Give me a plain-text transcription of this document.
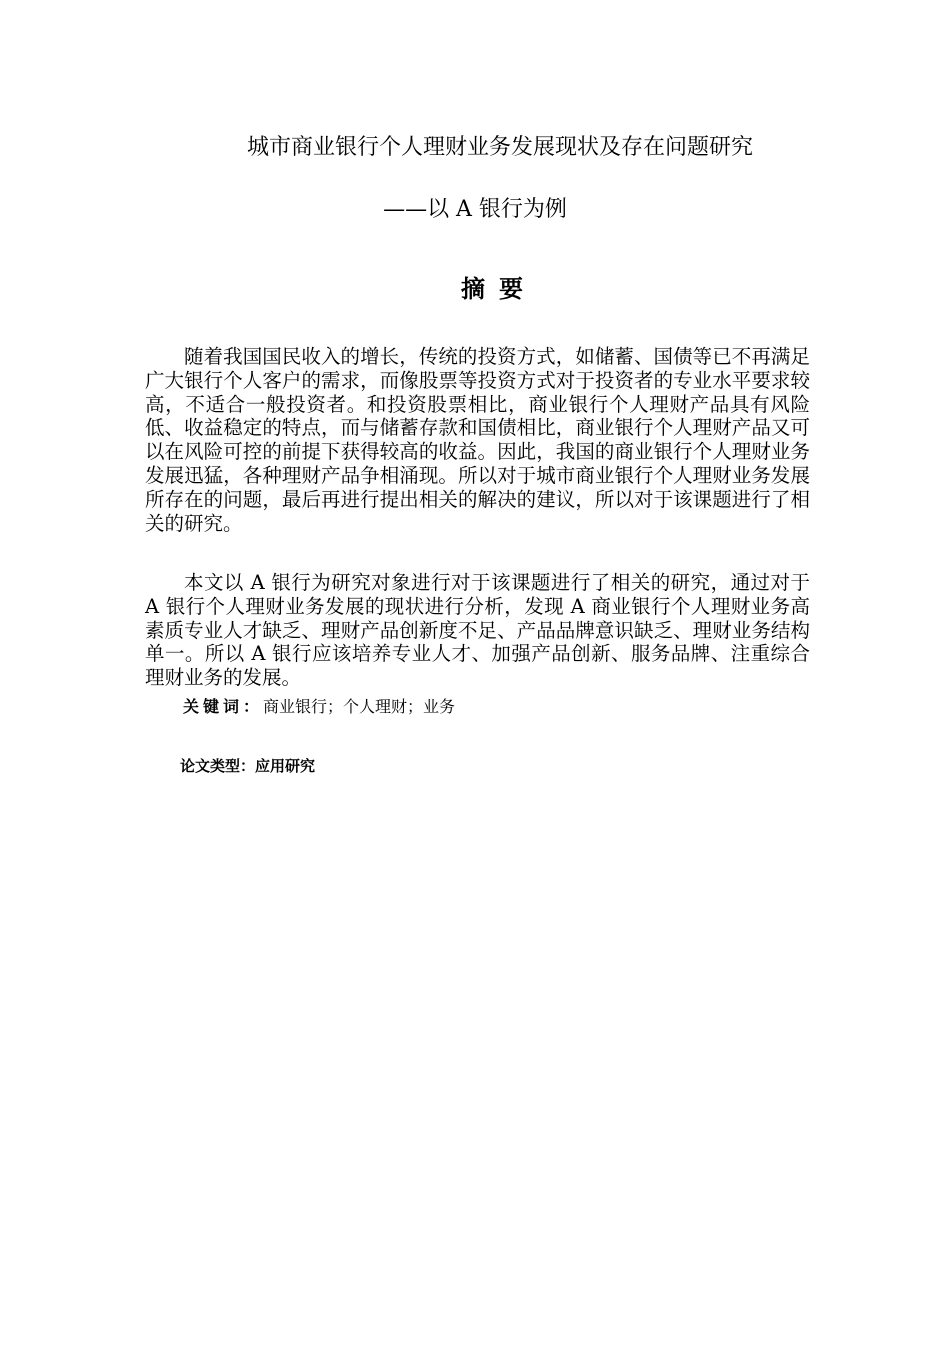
城市商业银行个人理财业务发展现状及存在问题研究
——以 A 银行为例
摘要

随着我国国民收入的增长，传统的投资方式，如储蓄、国债等已不再满足广大银行个人客户的需求，而像股票等投资方式对于投资者的专业水平要求较高，不适合一般投资者。和投资股票相比，商业银行个人理财产品具有风险低、收益稳定的特点，而与储蓄存款和国债相比，商业银行个人理财产品又可以在风险可控的前提下获得较高的收益。因此，我国的商业银行个人理财业务发展迅猛，各种理财产品争相涌现。所以对于城市商业银行个人理财业务发展所存在的问题，最后再进行提出相关的解决的建议，所以对于该课题进行了相关的研究。

本文以 A 银行为研究对象进行对于该课题进行了相关的研究，通过对于 A 银行个人理财业务发展的现状进行分析，发现 A 商业银行个人理财业务高素质专业人才缺乏、理财产品创新度不足、产品品牌意识缺乏、理财业务结构单一。所以 A 银行应该培养专业人才、加强产品创新、服务品牌、注重综合理财业务的发展。

关键词：商业银行；个人理财；业务
论文类型：应用研究
